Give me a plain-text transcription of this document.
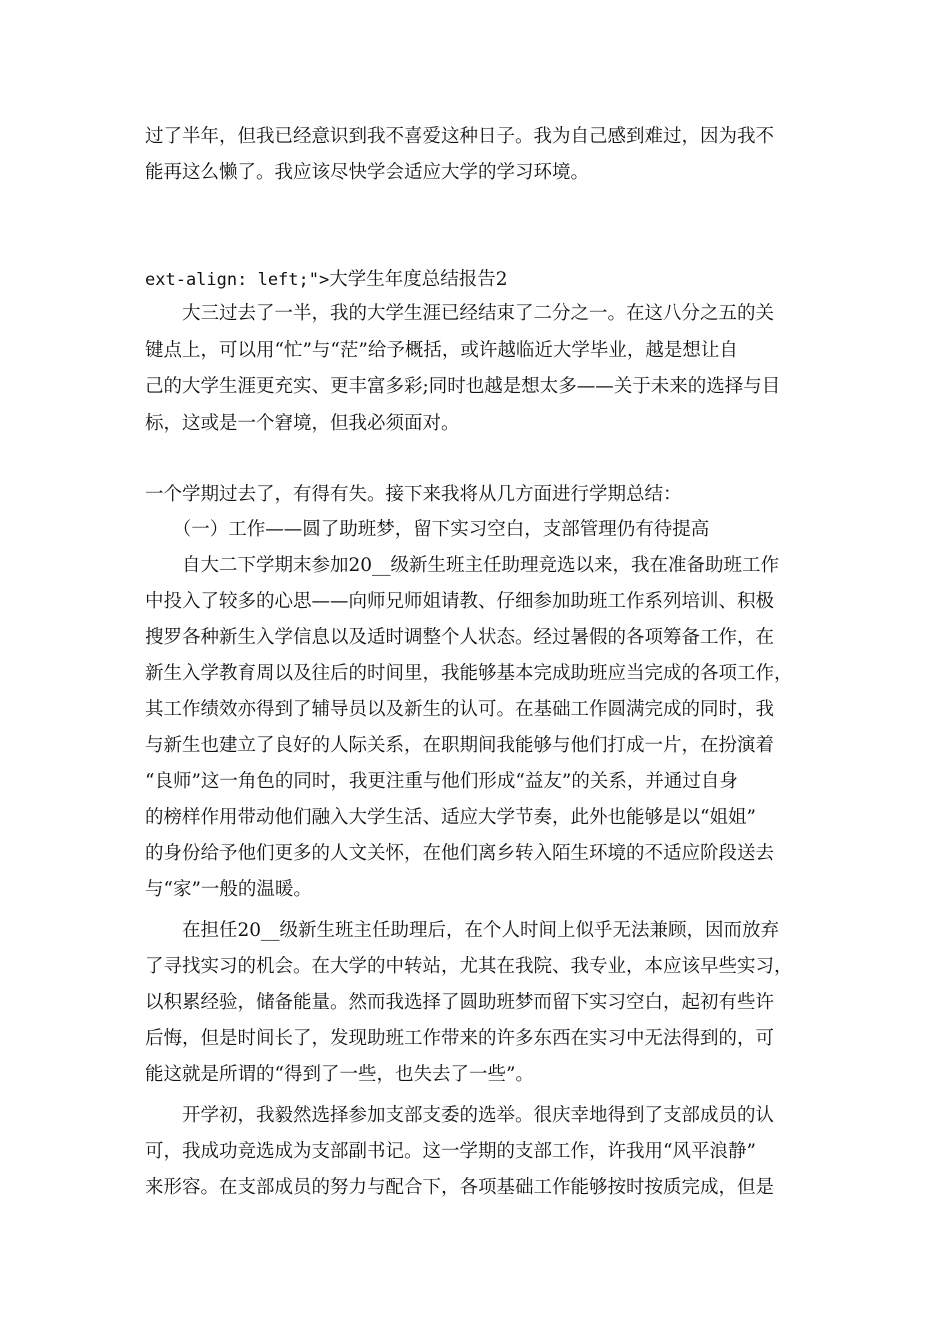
过了半年，但我已经意识到我不喜爱这种日子。我为自己感到难过，因为我不
能再这么懒了。我应该尽快学会适应大学的学习环境。
ext-align: left;">大学生年度总结报告2
　　大三过去了一半，我的大学生涯已经结束了二分之一。在这八分之五的关
键点上，可以用“忙”与“茫”给予概括，或许越临近大学毕业，越是想让自
己的大学生涯更充实、更丰富多彩;同时也越是想太多——关于未来的选择与目
标，这或是一个窘境，但我必须面对。
一个学期过去了，有得有失。接下来我将从几方面进行学期总结：
　　（一）工作——圆了助班梦，留下实习空白，支部管理仍有待提高
　　自大二下学期末参加20__级新生班主任助理竞选以来，我在准备助班工作
中投入了较多的心思——向师兄师姐请教、仔细参加助班工作系列培训、积极
搜罗各种新生入学信息以及适时调整个人状态。经过暑假的各项筹备工作，在
新生入学教育周以及往后的时间里，我能够基本完成助班应当完成的各项工作，
其工作绩效亦得到了辅导员以及新生的认可。在基础工作圆满完成的同时，我
与新生也建立了良好的人际关系，在职期间我能够与他们打成一片，在扮演着
“良师”这一角色的同时，我更注重与他们形成“益友”的关系，并通过自身
的榜样作用带动他们融入大学生活、适应大学节奏，此外也能够是以“姐姐”
的身份给予他们更多的人文关怀，在他们离乡转入陌生环境的不适应阶段送去
与“家”一般的温暖。
　　在担任20__级新生班主任助理后，在个人时间上似乎无法兼顾，因而放弃
了寻找实习的机会。在大学的中转站，尤其在我院、我专业，本应该早些实习，
以积累经验，储备能量。然而我选择了圆助班梦而留下实习空白，起初有些许
后悔，但是时间长了，发现助班工作带来的许多东西在实习中无法得到的，可
能这就是所谓的“得到了一些，也失去了一些”。
　　开学初，我毅然选择参加支部支委的选举。很庆幸地得到了支部成员的认
可，我成功竞选成为支部副书记。这一学期的支部工作，许我用“风平浪静”
来形容。在支部成员的努力与配合下，各项基础工作能够按时按质完成，但是
